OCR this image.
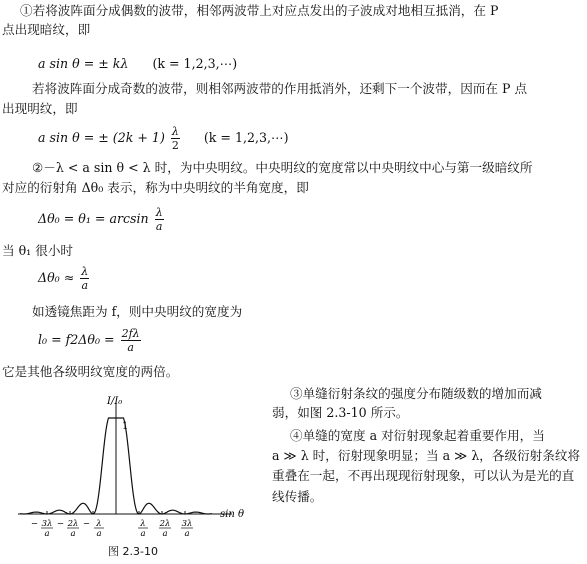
①若将波阵面分成偶数的波带，相邻两波带上对应点发出的子波成对地相互抵消，在 P
点出现暗纹，即
a sin θ = ± kλ (k = 1,2,3,⋯)
若将波阵面分成奇数的波带，则相邻两波带的作用抵消外，还剩下一个波带，因而在 P 点
出现明纹，即
a sin θ = ± $(2k + 1) \frac{\lambda}{2} (k$ = 1,2,3,⋯)
②－λ < a sin θ < λ 时，为中央明纹。中央明纹的宽度常以中央明纹中心与第一级暗纹所
对应的衍射角 Δθ₀ 表示，称为中央明纹的半角宽度，即
$\Delta\theta_0 = \theta_1 = \arcsin \frac{\lambda}{a}$
当 θ₁ 很小时
$\Delta\theta_0 \approx \frac{\lambda}{a}$
如透镜焦距为 f，则中央明纹的宽度为
$l_0 = f2\Delta\theta_0 = \frac{2f\lambda}{a}$
它是其他各级明纹宽度的两倍。
③单缝衍射条纹的强度分布随级数的增加而减
弱，如图 2.3-10 所示。
④单缝的宽度 a 对衍射现象起着重要作用，当
a ≫ λ 时，衍射现象明显；当 a ≫ λ，各级衍射条纹将
重叠在一起，不再出现现衍射现象，可以认为是光的直
线传播。
I/I₀
1
sin θ
− 3λ
a
− 2λ
a
− λ
a
λ
a
2λ
a
3λ
a
图 2.3-10
